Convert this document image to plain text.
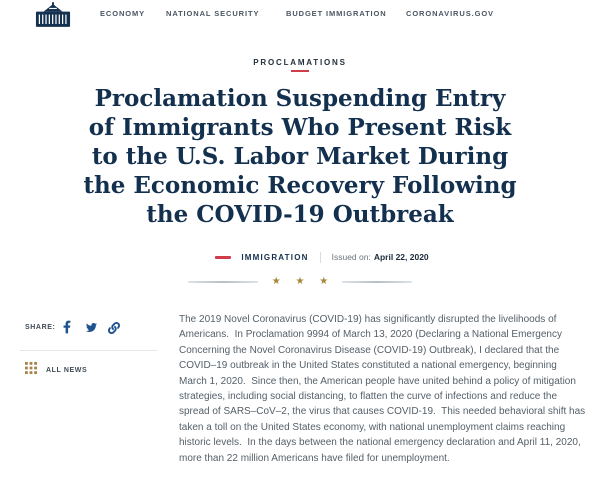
ECONOMY	NATIONAL SECURITY	BUDGET IMMIGRATION	CORONAVIRUS.GOV
PROCLAMATIONS
Proclamation Suspending Entry of Immigrants Who Present Risk to the U.S. Labor Market During the Economic Recovery Following the COVID-19 Outbreak
IMMIGRATION	Issued on: April 22, 2020
★ ★ ★
SHARE:
ALL NEWS

The 2019 Novel Coronavirus (COVID-19) has significantly disrupted the livelihoods of Americans.  In Proclamation 9994 of March 13, 2020 (Declaring a National Emergency Concerning the Novel Coronavirus Disease (COVID-19) Outbreak), I declared that the COVID–19 outbreak in the United States constituted a national emergency, beginning March 1, 2020.  Since then, the American people have united behind a policy of mitigation strategies, including social distancing, to flatten the curve of infections and reduce the spread of SARS–CoV–2, the virus that causes COVID-19.  This needed behavioral shift has taken a toll on the United States economy, with national unemployment claims reaching historic levels.  In the days between the national emergency declaration and April 11, 2020, more than 22 million Americans have filed for unemployment.
